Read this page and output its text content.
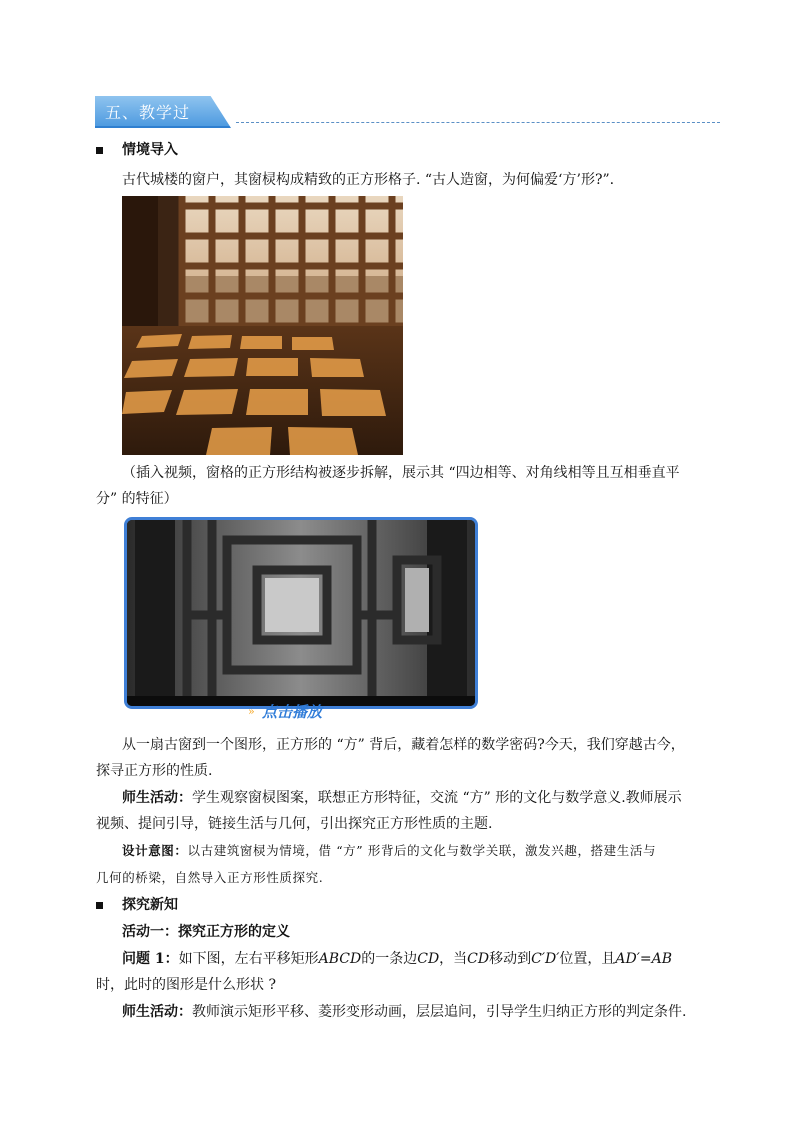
五、教学过
情境导入
古代城楼的窗户，其窗棂构成精致的正方形格子. “古人造窗，为何偏爱‘方’形?”.
（插入视频，窗格的正方形结构被逐步拆解，展示其 “四边相等、对角线相等且互相垂直平
分” 的特征）
点击播放
»
从一扇古窗到一个图形，正方形的 “方” 背后，藏着怎样的数学密码?今天，我们穿越古今，
探寻正方形的性质.
师生活动：学生观察窗棂图案，联想正方形特征，交流 “方” 形的文化与数学意义.教师展示
视频、提问引导，链接生活与几何，引出探究正方形性质的主题.
设计意图：以古建筑窗棂为情境，借 “方” 形背后的文化与数学关联，激发兴趣，搭建生活与
几何的桥梁，自然导入正方形性质探究.
探究新知
活动一：探究正方形的定义
问题 1：如下图，左右平移矩形ABCD的一条边CD，当CD移动到C′D′位置，且AD′=AB
时，此时的图形是什么形状 ?
师生活动：教师演示矩形平移、菱形变形动画，层层追问，引导学生归纳正方形的判定条件.
